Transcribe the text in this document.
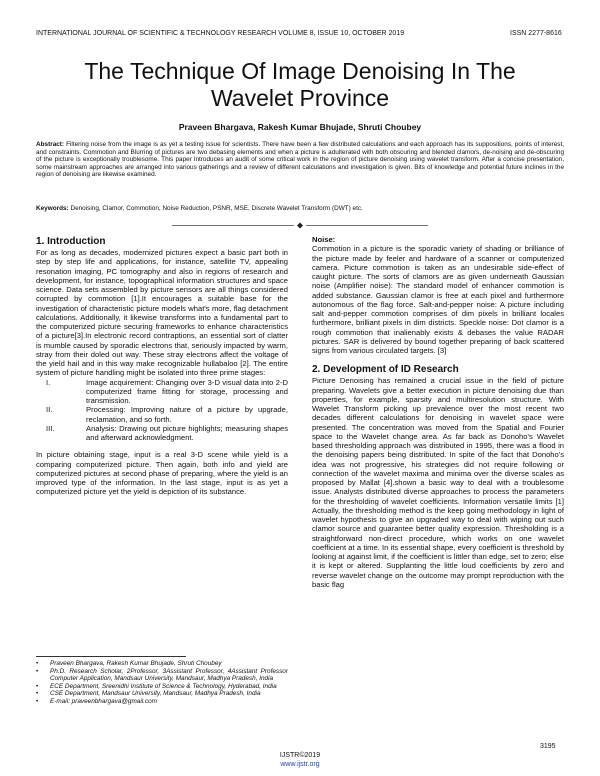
INTERNATIONAL JOURNAL OF SCIENTIFIC & TECHNOLOGY RESEARCH VOLUME 8, ISSUE 10, OCTOBER 2019	ISSN 2277-8616
The Technique Of Image Denoising In The
Wavelet Province
Praveen Bhargava, Rakesh Kumar Bhujade, Shruti Choubey

Abstract: Filtering noise from the image is as yet a testing issue for scientists. There have been a few distributed calculations and each approach has its suppositions, points of interest, and constraints. Commotion and Blurring of pictures are two debasing elements and when a picture is adulterated with both obscuring and blended clamors, de-noising and de-obscuring of the picture is exceptionally troublesome. This paper introduces an audit of some critical work in the region of picture denoising using wavelet transform. After a concise presentation, some mainstream approaches are arranged into various gatherings and a review of different calculations and investigation is given. Bits of knowledge and potential future inclines in the region of denoising are likewise examined.

Keywords: Denoising, Clamor, Commotion, Noise Reduction, PSNR, MSE, Discrete Wavelet Transform (DWT) etc.

1. Introduction

For as long as decades, modernized pictures expect a basic part both in step by step life and applications, for instance, satellite TV, appealing resonation imaging, PC tomography and also in regions of research and development, for instance, topographical information structures and space science. Data sets assembled by picture sensors are all things considered corrupted by commotion [1].It encourages a suitable base for the investigation of characteristic picture models what's more, flag detachment calculations. Additionally, it likewise transforms into a fundamental part to the computerized picture securing frameworks to enhance characteristics of a picture[3].In electronic record contraptions, an essential sort of clatter is mumble caused by sporadic electrons that, seriously impacted by warm, stray from their doled out way. These stray electrons affect the voltage of the yield hail and in this way make recognizable hullabaloo [2]. The entire system of picture handling might be isolated into three prime stages:

I.	Image acquirement: Changing over 3-D visual data into 2-D computerized frame fitting for storage, processing and transmission.
II.	Processing: Improving nature of a picture by upgrade, reclamation, and so forth.
III.	Analysis: Drawing out picture highlights; measuring shapes and afterward acknowledgment.

In picture obtaining stage, input is a real 3-D scene while yield is a comparing computerized picture. Then again, both info and yield are computerized pictures at second phase of preparing, where the yield is an improved type of the information. In the last stage, input is as yet a computerized picture yet the yield is depiction of its substance.

• Praveen Bhargava, Rakesh Kumar Bhujade, Shruti Choubey
• Ph.D. Research Scholar, 2Professor, 3Assistant Professor, 4Assistant Professor Computer Application, Mandsaur University, Mandsaur, Madhya Pradesh, India
• ECE Department, Sreenidhi Institute of Science & Technology, Hyderabad, India
• CSE Department, Mandsaur University, Mandsaur, Madhya Pradesh, India
• E-mail: praveenbhargava@gmail.com
Noise:

Commotion in a picture is the sporadic variety of shading or brilliance of the picture made by feeler and hardware of a scanner or computerized camera. Picture commotion is taken as an undesirable side-effect of caught picture. The sorts of clamors are as given underneath Gaussian noise (Amplifier noise): The standard model of enhancer commotion is added substance. Gaussian clamor is free at each pixel and furthermore autonomous of the flag force. Salt-and-pepper noise: A picture including salt and-pepper commotion comprises of dim pixels in brilliant locales furthermore, brilliant pixels in dim districts. Speckle noise: Dot clamor is a rough commotion that inalienably exists & debases the value RADAR pictures. SAR is delivered by bound together preparing of back scattered signs from various circulated targets. [3]

2. Development of ID Research

Picture Denoising has remained a crucial issue in the field of picture preparing. Wavelets give a better execution in picture denoising due than properties, for example, sparsity and multiresolution structure. With Wavelet Transform picking up prevalence over the most recent two decades different calculations for denoising in wavelet space were presented. The concentration was moved from the Spatial and Fourier space to the Wavelet change area. As far back as Donoho's Wavelet based thresholding approach was distributed in 1995, there was a flood in the denoising papers being distributed. In spite of the fact that Donoho's idea was not progressive, his strategies did not require following or connection of the wavelet maxima and minima over the diverse scales as proposed by Mallat [4].shown a basic way to deal with a troublesome issue. Analysts distributed diverse approaches to process the parameters for the thresholding of wavelet coefficients. Information versatile limits [1] Actually, the thresholding method is the keep going methodology in light of wavelet hypothesis to give an upgraded way to deal with wiping out such clamor source and guarantee better quality expression. Thresholding is a straightforward non-direct procedure, which works on one wavelet coefficient at a time. In its essential shape, every coefficient is threshold by looking at against limit, if the coefficient is littler than edge, set to zero; else it is kept or altered. Supplanting the little loud coefficients by zero and reverse wavelet change on the outcome may prompt reproduction with the basic flag

3195
IJSTR©2019
www.ijstr.org
